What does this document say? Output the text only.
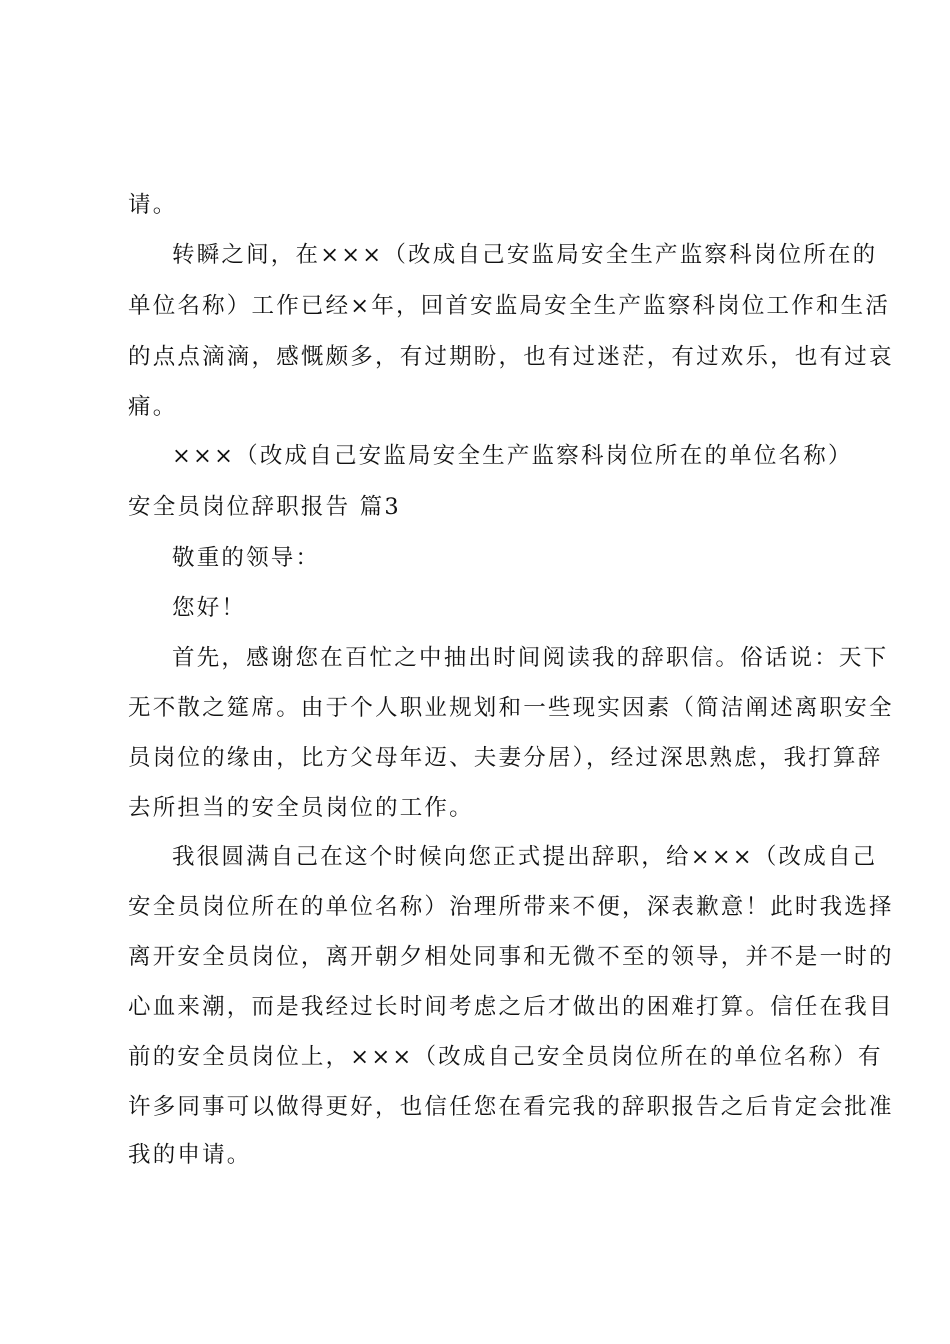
请。
转瞬之间，在×××（改成自己安监局安全生产监察科岗位所在的
单位名称）工作已经×年，回首安监局安全生产监察科岗位工作和生活
的点点滴滴，感慨颇多，有过期盼，也有过迷茫，有过欢乐，也有过哀
痛。
×××（改成自己安监局安全生产监察科岗位所在的单位名称）
安全员岗位辞职报告 篇3
敬重的领导：
您好！
首先，感谢您在百忙之中抽出时间阅读我的辞职信。俗话说：天下
无不散之筵席。由于个人职业规划和一些现实因素（简洁阐述离职安全
员岗位的缘由，比方父母年迈、夫妻分居），经过深思熟虑，我打算辞
去所担当的安全员岗位的工作。
我很圆满自己在这个时候向您正式提出辞职，给×××（改成自己
安全员岗位所在的单位名称）治理所带来不便，深表歉意！此时我选择
离开安全员岗位，离开朝夕相处同事和无微不至的领导，并不是一时的
心血来潮，而是我经过长时间考虑之后才做出的困难打算。信任在我目
前的安全员岗位上，×××（改成自己安全员岗位所在的单位名称）有
许多同事可以做得更好，也信任您在看完我的辞职报告之后肯定会批准
我的申请。
